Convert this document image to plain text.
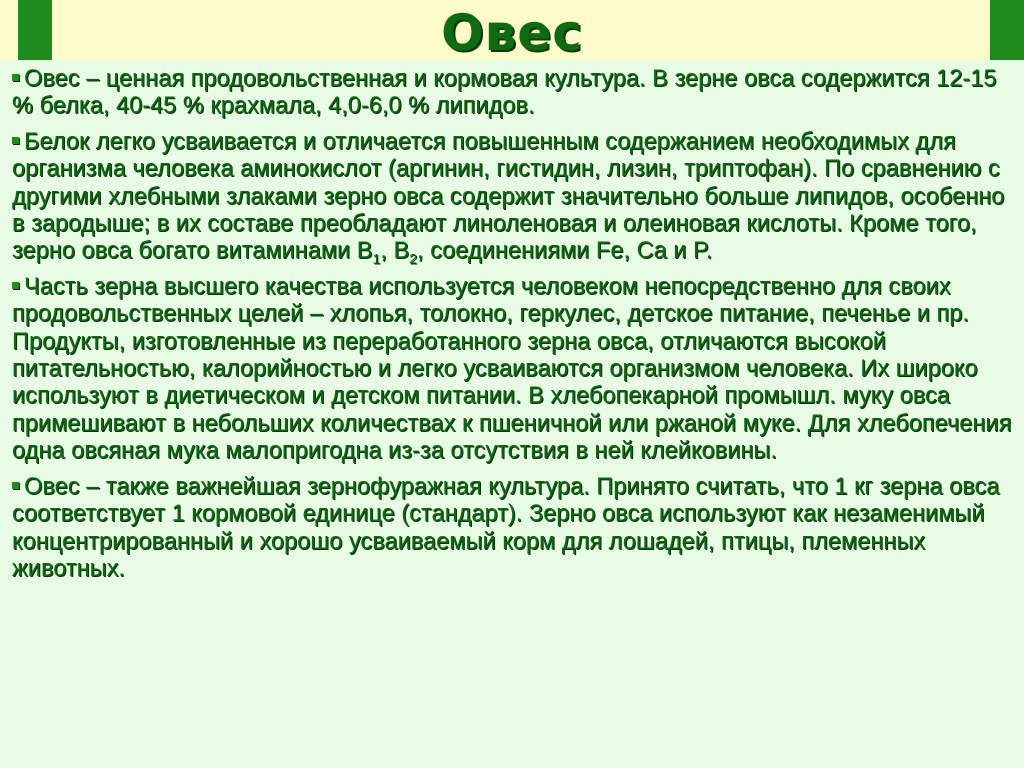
Овес

Овес – ценная продовольственная и кормовая культура. В зерне овса содержится 12-15 % белка, 40-45 % крахмала, 4,0-6,0 % липидов.

Белок легко усваивается и отличается повышенным содержанием необходимых для организма человека аминокислот (аргинин, гистидин, лизин, триптофан). По сравнению с другими хлебными злаками зерно овса содержит значительно больше липидов, особенно в зародыше; в их составе преобладают линоленовая и олеиновая кислоты. Кроме того, зерно овса богато витаминами $В_1$, $В_2$, соединениями Fe, Ca и P.

Часть зерна высшего качества используется человеком непосредственно для своих продовольственных целей – хлопья, толокно, геркулес, детское питание, печенье и пр. Продукты, изготовленные из переработанного зерна овса, отличаются высокой питательностью, калорийностью и легко усваиваются организмом человека. Их широко используют в диетическом и детском питании. В хлебопекарной промышл. муку овса примешивают в небольших количествах к пшеничной или ржаной муке. Для хлебопечения одна овсяная мука малопригодна из-за отсутствия в ней клейковины.

Овес – также важнейшая зернофуражная культура. Принято считать, что 1 кг зерна овса соответствует 1 кормовой единице (стандарт). Зерно овса используют как незаменимый концентрированный и хорошо усваиваемый корм для лошадей, птицы, племенных животных.
